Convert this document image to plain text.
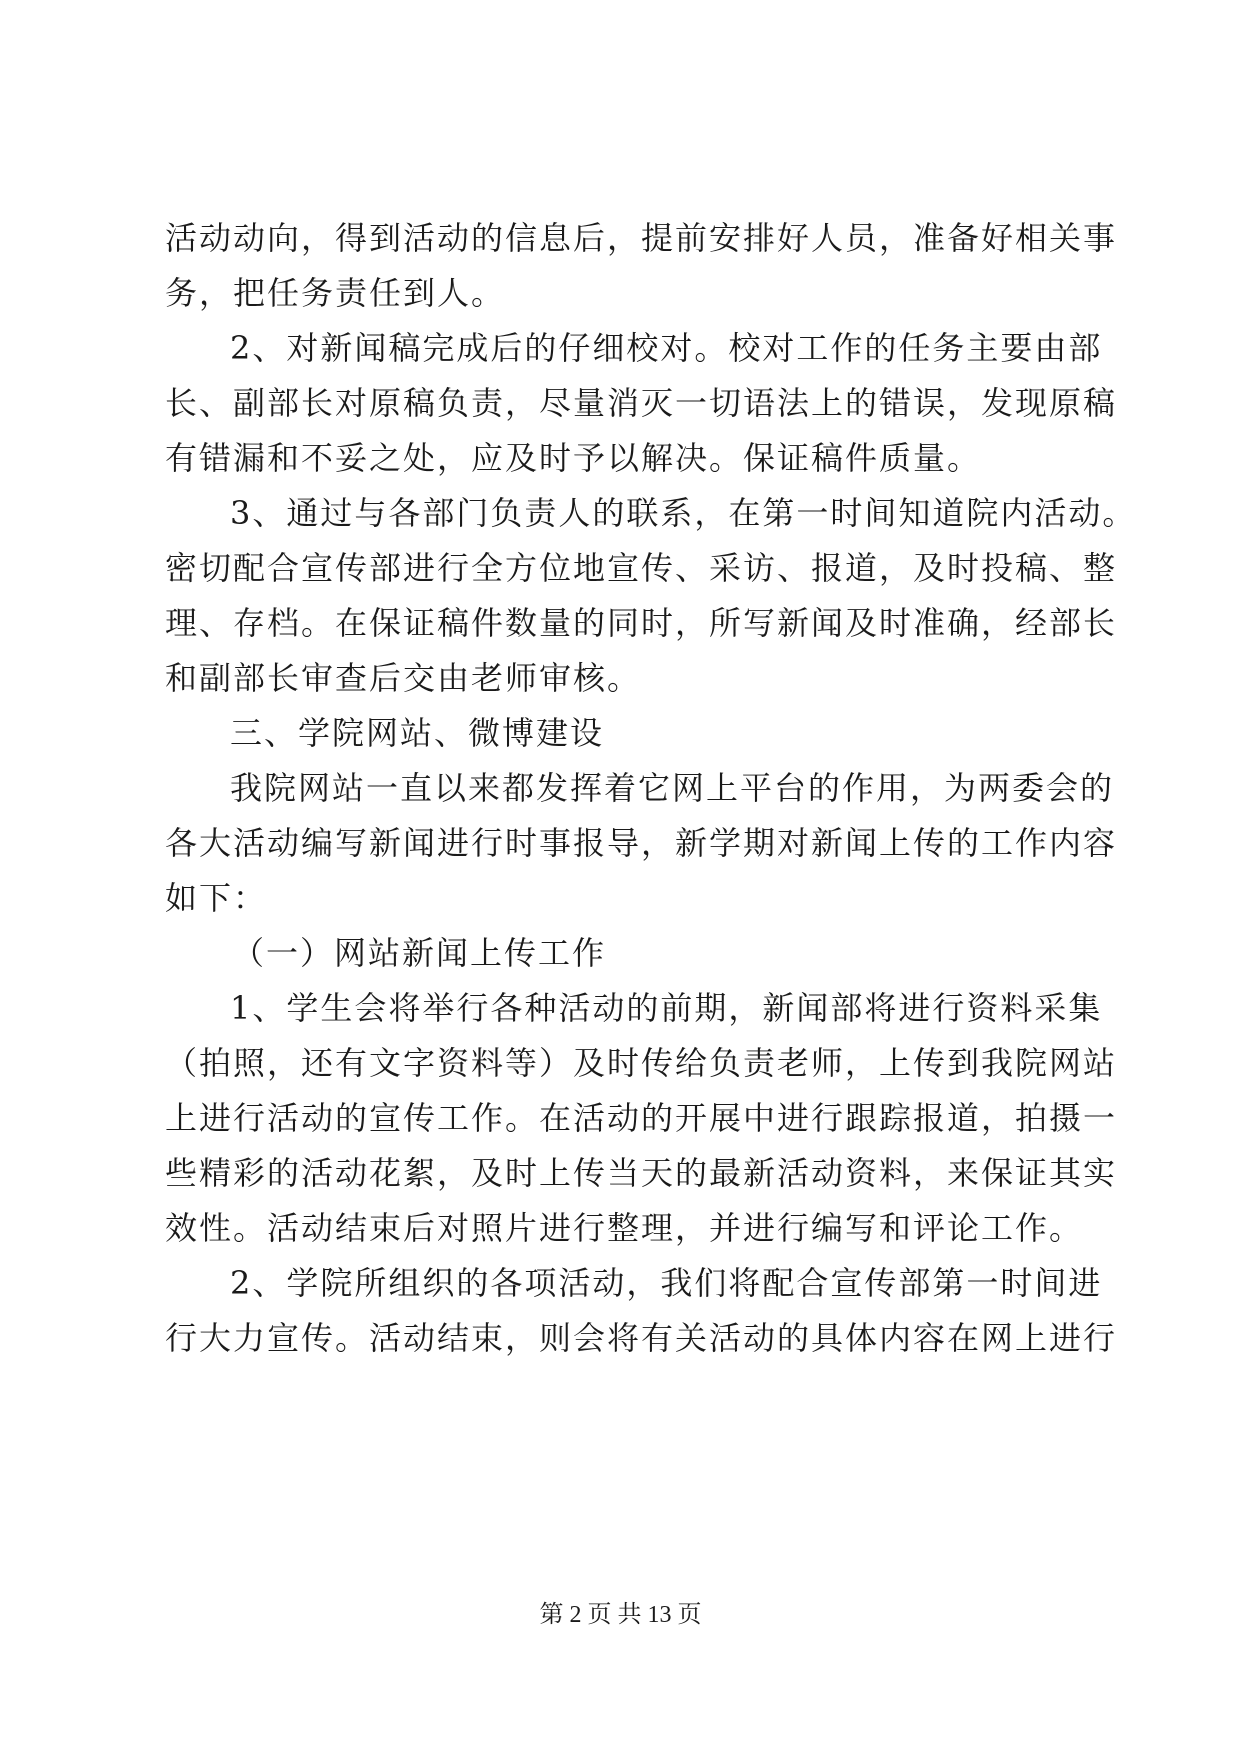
活动动向，得到活动的信息后，提前安排好人员，准备好相关事
务，把任务责任到人。
2、对新闻稿完成后的仔细校对。校对工作的任务主要由部
长、副部长对原稿负责，尽量消灭一切语法上的错误，发现原稿
有错漏和不妥之处，应及时予以解决。保证稿件质量。
3、通过与各部门负责人的联系，在第一时间知道院内活动。
密切配合宣传部进行全方位地宣传、采访、报道，及时投稿、整
理、存档。在保证稿件数量的同时，所写新闻及时准确，经部长
和副部长审查后交由老师审核。
三、学院网站、微博建设
我院网站一直以来都发挥着它网上平台的作用，为两委会的
各大活动编写新闻进行时事报导，新学期对新闻上传的工作内容
如下：
（一）网站新闻上传工作
1、学生会将举行各种活动的前期，新闻部将进行资料采集
（拍照，还有文字资料等）及时传给负责老师，上传到我院网站
上进行活动的宣传工作。在活动的开展中进行跟踪报道，拍摄一
些精彩的活动花絮，及时上传当天的最新活动资料，来保证其实
效性。活动结束后对照片进行整理，并进行编写和评论工作。
2、学院所组织的各项活动，我们将配合宣传部第一时间进
行大力宣传。活动结束，则会将有关活动的具体内容在网上进行
第 2 页 共 13 页
